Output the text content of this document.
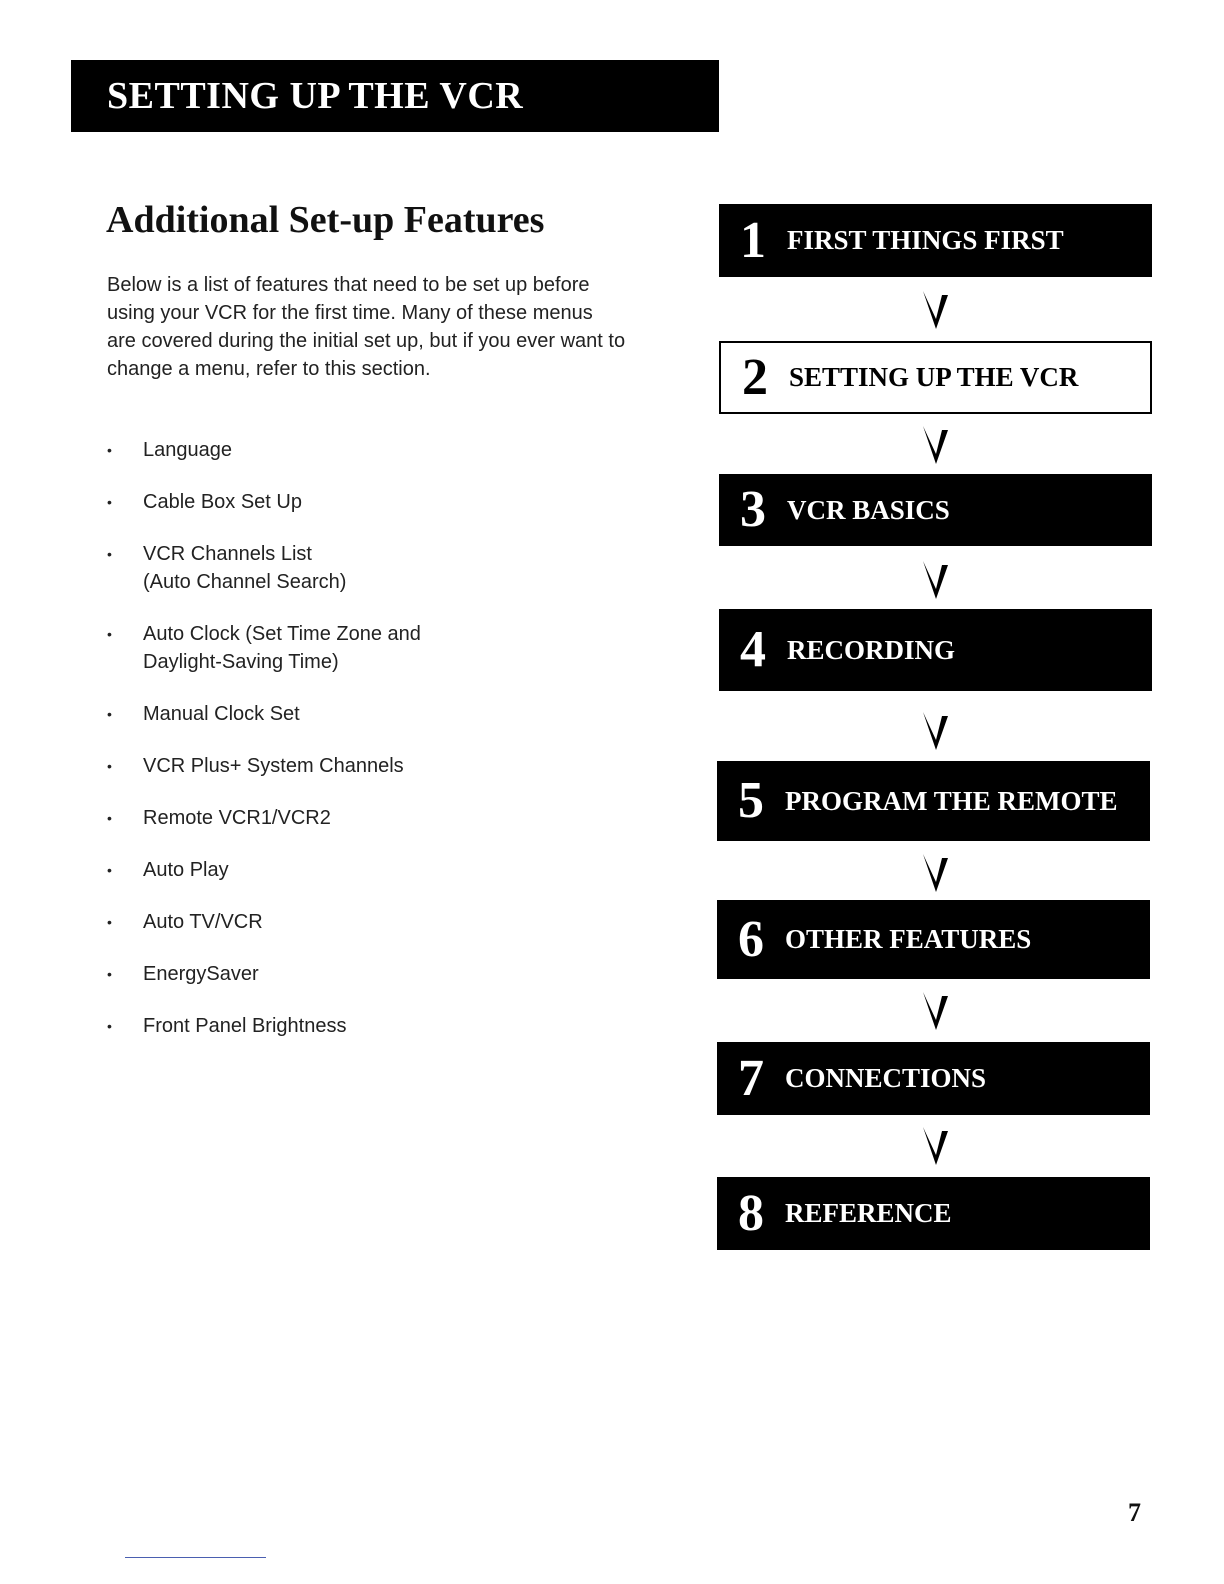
SETTING UP THE VCR
Additional Set-up Features

Below is a list of features that need to be set up before using your VCR for the first time. Many of these menus are covered during the initial set up, but if you ever want to change a menu, refer to this section.

• Language
• Cable Box Set Up
• VCR Channels List
(Auto Channel Search)
• Auto Clock (Set Time Zone and
Daylight-Saving Time)
• Manual Clock Set
• VCR Plus+ System Channels
• Remote VCR1/VCR2
• Auto Play
• Auto TV/VCR
• EnergySaver
• Front Panel Brightness
1 FIRST THINGS FIRST
2 SETTING UP THE VCR
3 VCR BASICS
4 RECORDING
5 PROGRAM THE REMOTE
6 OTHER FEATURES
7 CONNECTIONS
8 REFERENCE
7
